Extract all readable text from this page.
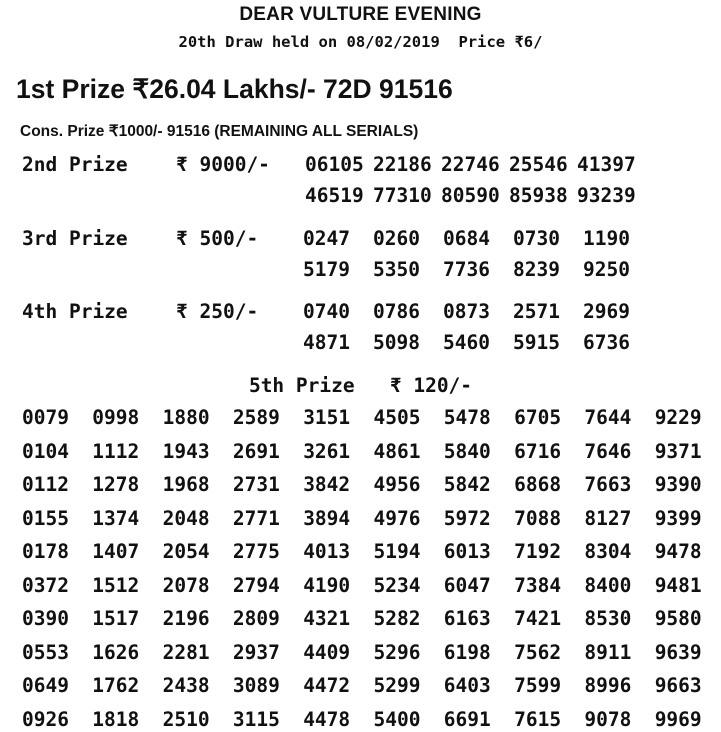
DEAR VULTURE EVENING
20th Draw held on 08/02/2019  Price ₹6/
1st Prize ₹26.04 Lakhs/- 72D 91516
Cons. Prize ₹1000/- 91516 (REMAINING ALL SERIALS)
2nd Prize ₹ 9000/- 06105 22186 22746 25546 41397
46519 77310 80590 85938 93239
3rd Prize ₹ 500/- 0247	0260	0684	0730	1190
5179	5350	7736	8239	9250
4th Prize ₹ 250/- 0740	0786	0873	2571	2969
4871	5098	5460	5915	6736
5th Prize ₹ 120/-
0079	0998	1880	2589	3151	4505	5478	6705	7644	9229
0104	1112	1943	2691	3261	4861	5840	6716	7646	9371
0112	1278	1968	2731	3842	4956	5842	6868	7663	9390
0155	1374	2048	2771	3894	4976	5972	7088	8127	9399
0178	1407	2054	2775	4013	5194	6013	7192	8304	9478
0372	1512	2078	2794	4190	5234	6047	7384	8400	9481
0390	1517	2196	2809	4321	5282	6163	7421	8530	9580
0553	1626	2281	2937	4409	5296	6198	7562	8911	9639
0649	1762	2438	3089	4472	5299	6403	7599	8996	9663
0926	1818	2510	3115	4478	5400	6691	7615	9078	9969
